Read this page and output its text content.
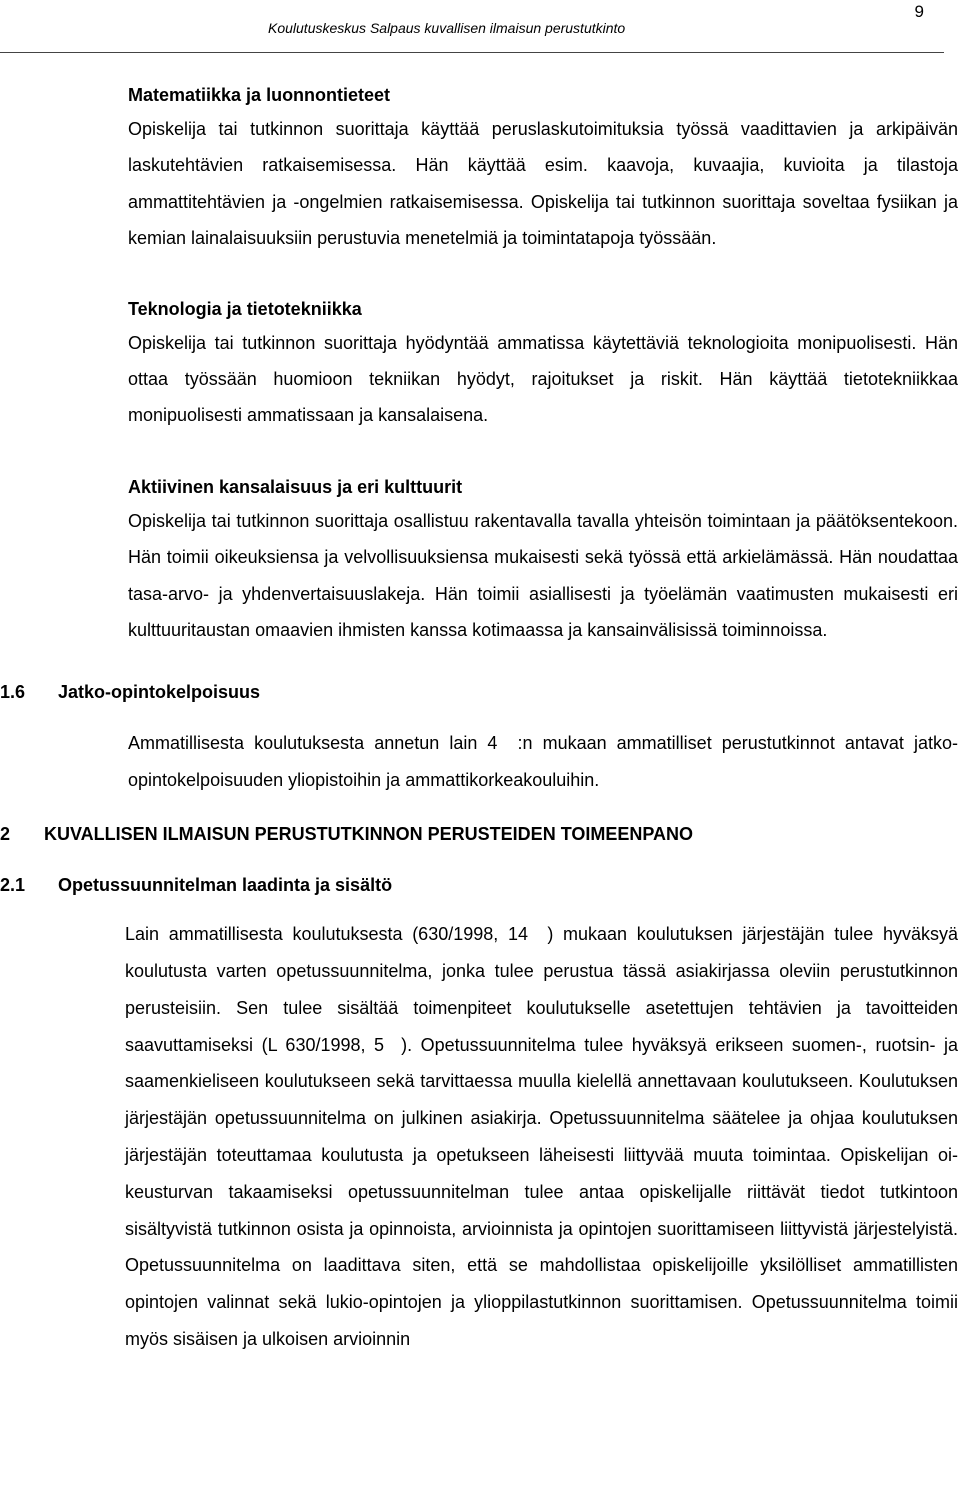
9
Koulutuskeskus Salpaus kuvallisen ilmaisun perustutkinto
Matematiikka ja luonnontieteet

Opiskelija tai tutkinnon suorittaja käyttää peruslaskutoimituksia työssä vaadittavien ja arkipäivän laskutehtävien ratkaisemisessa. Hän käyttää esim. kaavoja, kuvaajia, kuvioita ja tilastoja ammattitehtävien ja -ongelmien ratkaisemisessa. Opiskelija tai tutkinnon suorittaja soveltaa fysiikan ja kemian lainalaisuuksiin perustuvia menetelmiä ja toimintatapoja työssään.

Teknologia ja tietotekniikka

Opiskelija tai tutkinnon suorittaja hyödyntää ammatissa käytettäviä teknologioita monipuolisesti. Hän ottaa työssään huomioon tekniikan hyödyt, rajoitukset ja riskit. Hän käyttää tietotekniikkaa monipuolisesti ammatissaan ja kansalaisena.

Aktiivinen kansalaisuus ja eri kulttuurit

Opiskelija tai tutkinnon suorittaja osallistuu rakentavalla tavalla yhteisön toimintaan ja päätöksentekoon. Hän toimii oikeuksiensa ja velvollisuuksiensa mukaisesti sekä työssä että arkielämässä. Hän noudattaa tasa-arvo- ja yhdenvertaisuuslakeja. Hän toimii asiallisesti ja työelämän vaatimusten mukaisesti eri kulttuuritaustan omaavien ihmisten kanssa kotimaassa ja kansainvälisissä toiminnoissa.

1.6	Jatko-opintokelpoisuus

Ammatillisesta koulutuksesta annetun lain 4  :n mukaan ammatilliset perustutkinnot antavat jatko-opintokelpoisuuden yliopistoihin ja ammattikorkeakouluihin.

2	KUVALLISEN ILMAISUN PERUSTUTKINNON PERUSTEIDEN TOIMEENPANO
2.1	Opetussuunnitelman laadinta ja sisältö

Lain ammatillisesta koulutuksesta (630/1998, 14  ) mukaan koulutuksen järjestäjän tulee hyväksyä koulutusta varten opetussuunnitelma, jonka tulee perustua tässä asiakirjassa oleviin perustutkinnon perusteisiin. Sen tulee sisältää toimenpiteet koulutukselle asetettujen tehtävien ja tavoitteiden saavuttamiseksi (L 630/1998, 5  ). Opetussuunnitelma tulee hyväksyä erikseen suomen-, ruotsin- ja saamenkieliseen koulutukseen sekä tarvittaessa muulla kielellä annettavaan koulutukseen. Koulutuksen järjestäjän opetussuunnitelma on julkinen asiakirja. Opetussuunnitelma säätelee ja ohjaa koulutuksen järjestäjän toteuttamaa koulutusta ja opetukseen läheisesti liittyvää muuta toimintaa. Opiskelijan oikeusturvan takaamiseksi opetussuunnitelman tulee antaa opiskelijalle riittävät tiedot tutkintoon sisältyvistä tutkinnon osista ja opinnoista, arvioinnista ja opintojen suorittamiseen liittyvistä järjestelyistä. Opetussuunnitelma on laadittava siten, että se mahdollistaa opiskelijoille yksilölliset ammatillisten opintojen valinnat sekä lukio-opintojen ja ylioppilastutkinnon suorittamisen. Opetussuunnitelma toimii myös sisäisen ja ulkoisen arvioinnin
